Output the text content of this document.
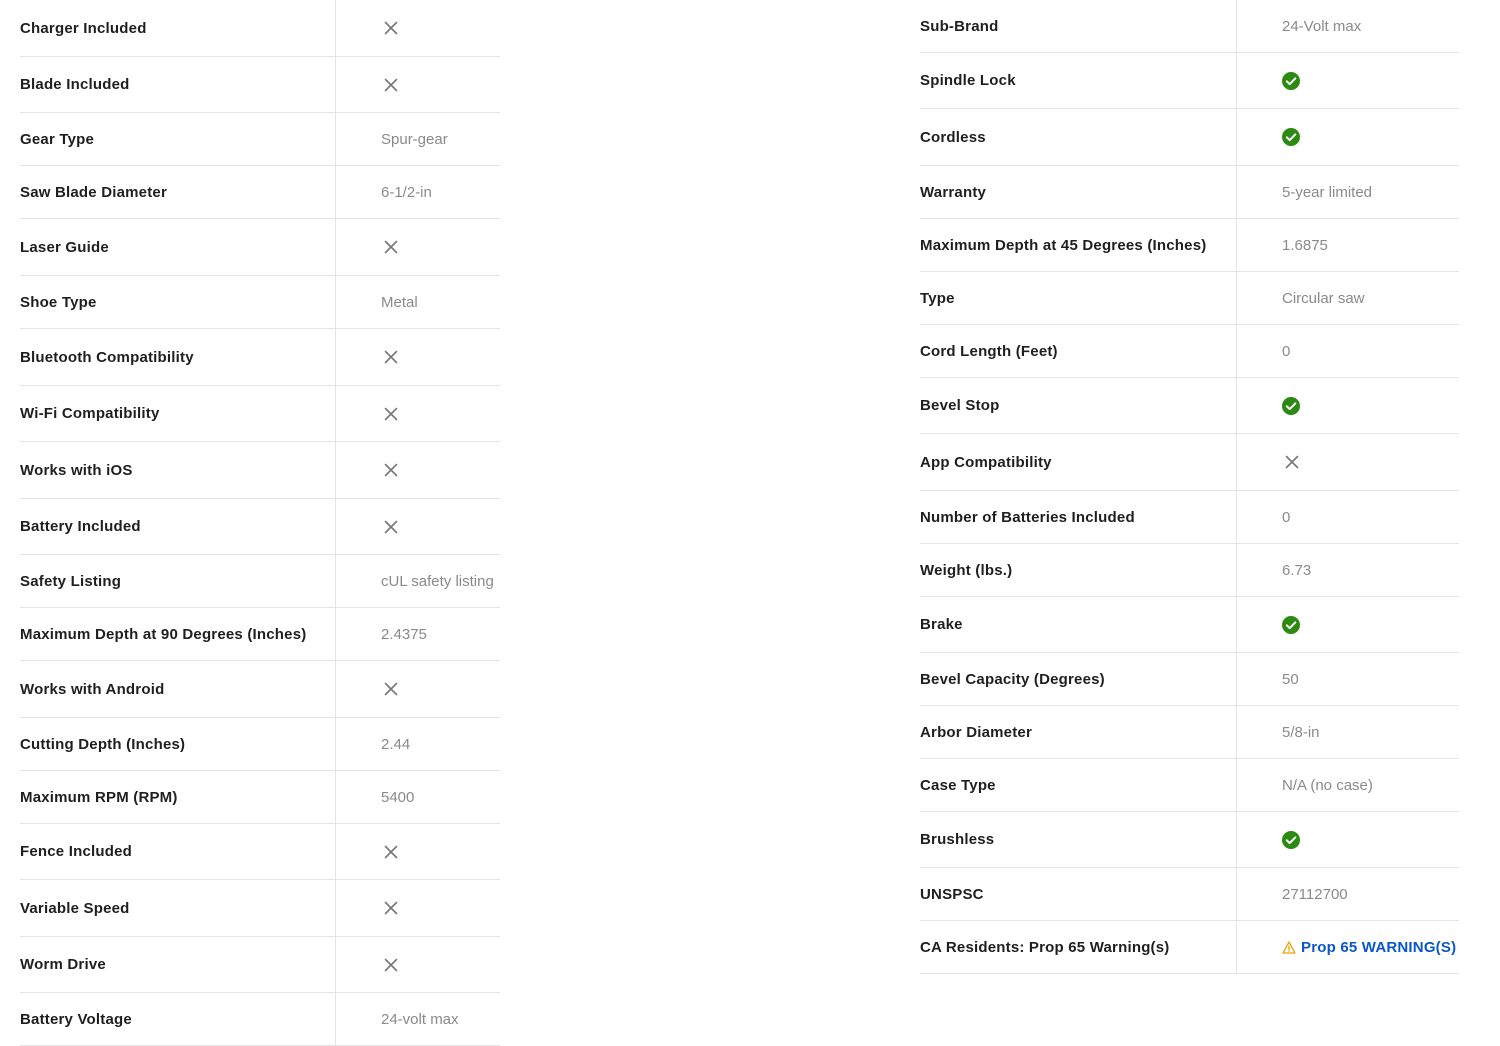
Charger Included
Blade Included
Gear Type	Spur-gear
Saw Blade Diameter	6-1/2-in
Laser Guide
Shoe Type	Metal
Bluetooth Compatibility
Wi-Fi Compatibility
Works with iOS
Battery Included
Safety Listing	cUL safety listing
Maximum Depth at 90 Degrees (Inches)	2.4375
Works with Android
Cutting Depth (Inches)	2.44
Maximum RPM (RPM)	5400
Fence Included
Variable Speed
Worm Drive
Battery Voltage	24-volt max
Sub-Brand	24-Volt max
Spindle Lock
Cordless
Warranty	5-year limited
Maximum Depth at 45 Degrees (Inches)	1.6875
Type	Circular saw
Cord Length (Feet)	0
Bevel Stop
App Compatibility
Number of Batteries Included	0
Weight (lbs.)	6.73
Brake
Bevel Capacity (Degrees)	50
Arbor Diameter	5/8-in
Case Type	N/A (no case)
Brushless
UNSPSC	27112700
CA Residents: Prop 65 Warning(s)	Prop 65 WARNING(S)
